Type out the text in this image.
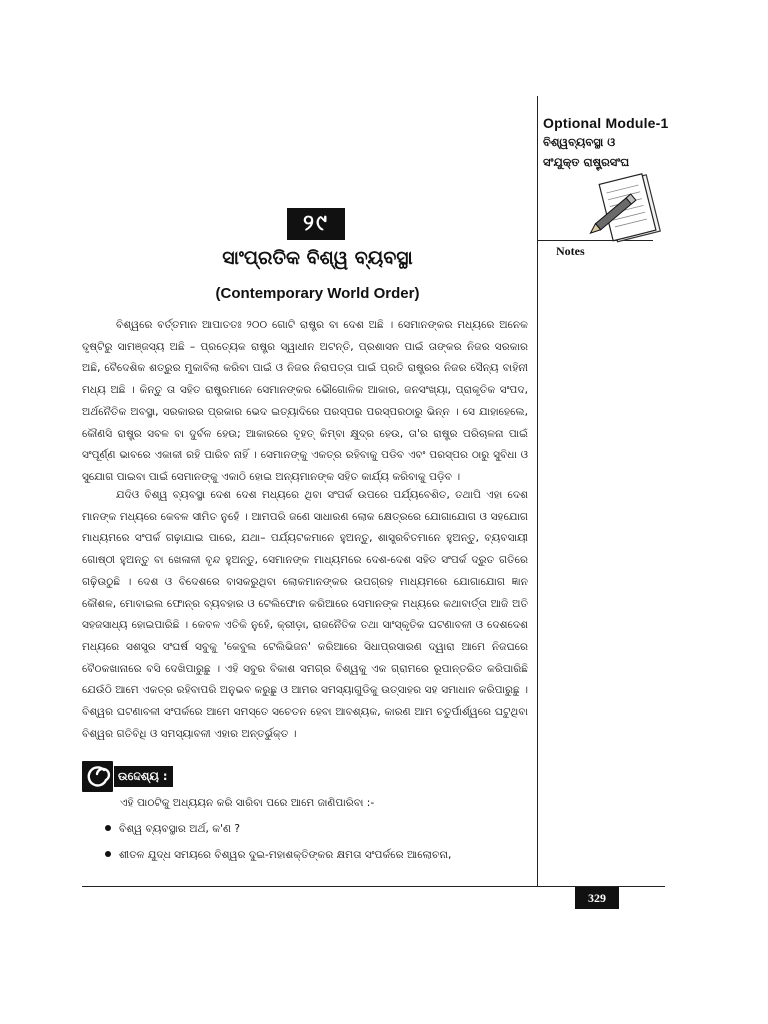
Optional Module-1
ବିଶ୍ୱବ୍ୟବସ୍ଥା ଓ
ସଂଯୁକ୍ତ ରାଷ୍ଟ୍ରସଂଘ
Notes
୨୯
ସାଂପ୍ରତିକ ବିଶ୍ୱ ବ୍ୟବସ୍ଥା
(Contemporary World Order)

ବିଶ୍ୱରେ ବର୍ତ୍ତମାନ ଆପାତତଃ ୨୦୦ ଗୋଟି ରାଷ୍ଟ୍ର ବା ଦେଶ ଅଛି । ସେମାନଙ୍କର ମଧ୍ୟରେ ଅନେକ ଦୃଷ୍ଟିରୁ ସାମଞ୍ଜସ୍ୟ ଅଛି – ପ୍ରତ୍ୟେକ ରାଷ୍ଟ୍ର ସ୍ୱାଧୀନ ଅଟନ୍ତି, ପ୍ରଶାସନ ପାଇଁ ତାଙ୍କର ନିଜର ସରକାର ଅଛି, ବୈଦେଶିକ ଶତ୍ରୁର ମୁକାବିଲା କରିବା ପାଇଁ ଓ ନିଜର ନିରାପତ୍ତା ପାଇଁ ପ୍ରତି ରାଷ୍ଟ୍ରର ନିଜର ସୈନ୍ୟ ବାହିନୀ ମଧ୍ୟ ଅଛି । କିନ୍ତୁ ତା ସହିତ ରାଷ୍ଟ୍ରମାନେ ସେମାନଙ୍କର ଭୌଗୋଳିକ ଆକାର, ଜନସଂଖ୍ୟା, ପ୍ରାକୃତିକ ସଂପଦ, ଅର୍ଥନୈତିକ ଅବସ୍ଥା, ସରକାରର ପ୍ରକାର ଭେଦ ଇତ୍ୟାଦିରେ ପରସ୍ପର ପରସ୍ପରଠାରୁ ଭିନ୍ନ । ସେ ଯାହାହେଲେ, କୌଣସି ରାଷ୍ଟ୍ର ସବଳ ବା ଦୁର୍ବଳ ହେଉ; ଆକାରରେ ବୃହତ୍ କିମ୍ବା କ୍ଷୁଦ୍ର ହେଉ, ତା'ର ରାଷ୍ଟ୍ର ପରିଚାଳନା ପାଇଁ ସଂପୂର୍ଣ୍ଣ ଭାବରେ ଏକାକୀ ରହି ପାରିବ ନାହିଁ । ସେମାନଙ୍କୁ ଏକତ୍ର ରହିବାକୁ ପଡିବ ଏବଂ ପରସ୍ପର ଠାରୁ ସୁବିଧା ଓ ସୁଯୋଗ ପାଇବା ପାଇଁ ସେମାନଙ୍କୁ ଏକାଠି ହୋଇ ଅନ୍ୟମାନଙ୍କ ସହିତ କାର୍ଯ୍ୟ କରିବାକୁ ପଡ଼ିବ ।

ଯଦିଓ ବିଶ୍ୱ ବ୍ୟବସ୍ଥା ଦେଶ ଦେଶ ମଧ୍ୟରେ ଥିବା ସଂପର୍କ ଉପରେ ପର୍ଯ୍ୟବେଶିତ, ତଥାପି ଏହା ଦେଶ ମାନଙ୍କ ମଧ୍ୟରେ କେବଳ ସୀମିତ ନୁହେଁ । ଆମପରି ଜଣେ ସାଧାରଣ ଲୋକ କ୍ଷେତ୍ରରେ ଯୋଗାଯୋଗ ଓ ସହଯୋଗ ମାଧ୍ୟମରେ ସଂପର୍କ ଗଢ଼ାଯାଇ ପାରେ, ଯଥା– ପର୍ଯ୍ୟଟକମାନେ ହୁଅନ୍ତୁ, ଶାସ୍ତ୍ରବିତମାନେ ହୁଅନ୍ତୁ, ବ୍ୟବସାୟୀ ଗୋଷ୍ଠୀ ହୁଅନ୍ତୁ ବା ଖେଳାଳୀ ବୃନ୍ଦ ହୁଅନ୍ତୁ, ସେମାନଙ୍କ ମାଧ୍ୟମରେ ଦେଶ-ଦେଶ ସହିତ ସଂପର୍କ ଦ୍ରୁତ ଗତିରେ ଗଢ଼ିଉଠୁଛି । ଦେଶ ଓ ବିଦେଶରେ ବାସକରୁଥିବା ଲୋକମାନଙ୍କର ଉପଗ୍ରହ ମାଧ୍ୟମରେ ଯୋଗାଯୋଗ ଜ୍ଞାନ କୌଶଳ, ମୋବାଇଲ ଫୋନ୍‌ର ବ୍ୟବହାର ଓ ଟେଲିଫୋନ କରିଆରେ ସେମାନଙ୍କ ମଧ୍ୟରେ କଥାବାର୍ତ୍ତା ଆଜି ଅତି ସହଜସାଧ୍ୟ ହୋଇପାରିଛି । କେବଳ ଏତିକି ନୁହେଁ, କ୍ରୀଡ଼ା, ରାଜନୈତିକ ତଥା ସାଂସ୍କୃତିକ ଘଟଣାବଳୀ ଓ ଦେଶଦେଶ ମଧ୍ୟରେ ସଶସ୍ତ୍ର ସଂଘର୍ଷ ସବୁକୁ 'କେବୁଲ ଟେଲିଭିଜନ' କରିଆରେ ସିଧାପ୍ରସାରଣ ଦ୍ୱାରା ଆମେ ନିଜଘରେ ବୈଠକଖାନାରେ ବସି ଦେଖିପାରୁଛୁ । ଏହି ସବୁର ବିକାଶ ସମଗ୍ର ବିଶ୍ୱକୁ ଏକ ଗ୍ରାମରେ ରୂପାନ୍ତରିତ କରିପାରିଛି ଯେଉଁଠି ଆମେ ଏକତ୍ର ରହିବାପରି ଅନୁଭବ କରୁଛୁ ଓ ଆମର ସମସ୍ୟାଗୁଡିକୁ ଉତ୍ସାହର ସହ ସମାଧାନ କରିପାରୁଛୁ । ବିଶ୍ୱର ଘଟଣାବଳୀ ସଂପର୍କରେ ଆମେ ସମସ୍ତେ ସଚେତନ ହେବା ଆବଶ୍ୟକ, କାରଣ ଆମ ଚତୁର୍ପାର୍ଶ୍ୱରେ ଘଟୁଥିବା ବିଶ୍ୱର ଗତିବିଧି ଓ ସମସ୍ୟାବଳୀ ଏହାର ଅନ୍ତର୍ଭୁକ୍ତ ।

ଉଦ୍ଦେଶ୍ୟ :
ଏହି ପାଠଟିକୁ ଅଧ୍ୟୟନ କରି ସାରିବା ପରେ ଆମେ ଜାଣିପାରିବା :-
ବିଶ୍ୱ ବ୍ୟବସ୍ଥାର ଅର୍ଥ, କ'ଣ ?
ଶୀତଳ ଯୁଦ୍ଧ ସମୟରେ ବିଶ୍ୱର ଦୁଇ-ମହାଶକ୍ତିଙ୍କର କ୍ଷମତା ସଂପର୍କରେ ଆଲୋଚନା,
329
